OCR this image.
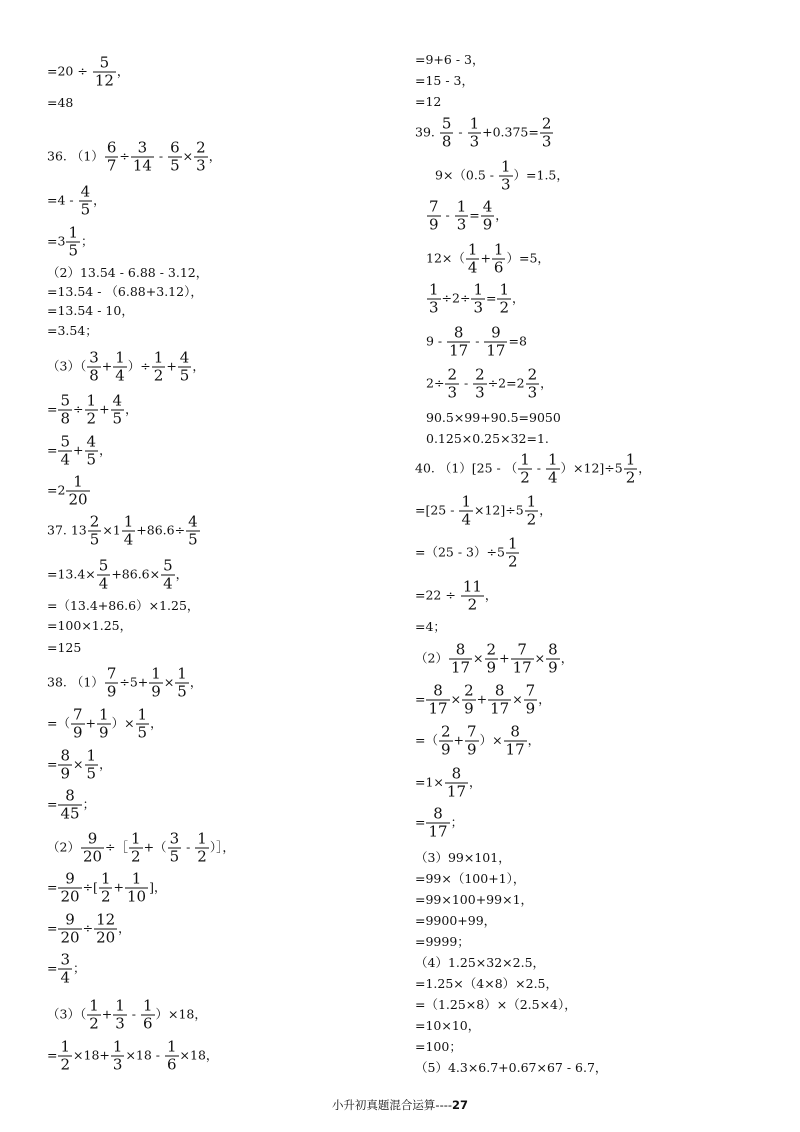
$=20 \div \frac{5}{12}$ ，
=48
36. $(1) \frac{6}{7} \div \frac{3}{14} - \frac{6}{5} \times \frac{2}{3}$ ，
$=4 - \frac{4}{5}$ ，
$=3 \frac{1}{5}$ ；
（2）13.54 - 6.88 - 3.12，
=13.54 - （6.88+3.12），
=13.54 - 10，
=3.54；
$(3)( \frac{3}{8} + \frac{1}{4}$ ）÷ $\frac{1}{2} + \frac{4}{5}$ ，
= $\frac{5}{8} \div \frac{1}{2} + \frac{4}{5}$ ，
= $\frac{5}{4} + \frac{4}{5}$ ，
$=2 \frac{1}{20}$
37. $13 \frac{2}{5} \times 1 \frac{1}{4} +86.6\div \frac{4}{5}$
$=13.4\times \frac{5}{4} +86.6\times \frac{5}{4}$ ，
=（13.4+86.6）×1.25，
=100×1.25，
=125
38. $(1) \frac{7}{9} \div 5+ \frac{1}{9} \times \frac{1}{5}$ ，
=（ $\frac{7}{9} + \frac{1}{9}$ ）× $\frac{1}{5}$ ，
= $\frac{8}{9} \times \frac{1}{5}$ ，
= $\frac{8}{45}$ ；
$(2) \frac{9}{20}$ ÷［ $\frac{1}{2}$ +（ $\frac{3}{5} - \frac{1}{2}$ ）］，
= $\frac{9}{20}$ ÷[ $\frac{1}{2} + \frac{1}{10}$ ]，
= $\frac{9}{20} \div \frac{12}{20}$ ，
= $\frac{3}{4}$ ；
$(3)( \frac{1}{2} + \frac{1}{3} - \frac{1}{6} )\times 18$，
= $\frac{1}{2} \times 18+ \frac{1}{3} \times 18 - \frac{1}{6} \times 18$，
=9+6 - 3，
=15 - 3，
=12
39. $\frac{5}{8} - \frac{1}{3} +0.375= \frac{2}{3}$
$9\times(0.5 - \frac{1}{3} )=1.5$，
$\frac{7}{9} - \frac{1}{3} = \frac{4}{9}$ ，
$12\times( \frac{1}{4} + \frac{1}{6} )=5$，
$\frac{1}{3} \div 2\div \frac{1}{3} = \frac{1}{2}$ ，
$9 - \frac{8}{17} - \frac{9}{17} =8$
$2\div \frac{2}{3} - \frac{2}{3} \div 2=2 \frac{2}{3}$ ，
90.5×99+90.5=9050
0.125×0.25×32=1.
40. （1）[25 - （ $\frac{1}{2} - \frac{1}{4} )\times 12]\div 5 \frac{1}{2}$ ，
$=[25 - \frac{1}{4} \times 12]\div 5 \frac{1}{2}$ ，
$=(25 - 3)\div 5 \frac{1}{2}$
$=22 \div \frac{11}{2}$ ，
=4；
$(2) \frac{8}{17} \times \frac{2}{9} + \frac{7}{17} \times \frac{8}{9}$ ，
= $\frac{8}{17} \times \frac{2}{9} + \frac{8}{17} \times \frac{7}{9}$ ，
=（ $\frac{2}{9} + \frac{7}{9}$ ）× $\frac{8}{17}$ ，
$=1\times \frac{8}{17}$ ，
= $\frac{8}{17}$ ；
（3）99×101，
=99×（100+1），
=99×100+99×1，
=9900+99，
=9999；
（4）1.25×32×2.5，
=1.25×（4×8）×2.5，
=（1.25×8）×（2.5×4），
=10×10，
=100；
（5）4.3×6.7+0.67×67 - 6.7，
小升初真题混合运算----27
